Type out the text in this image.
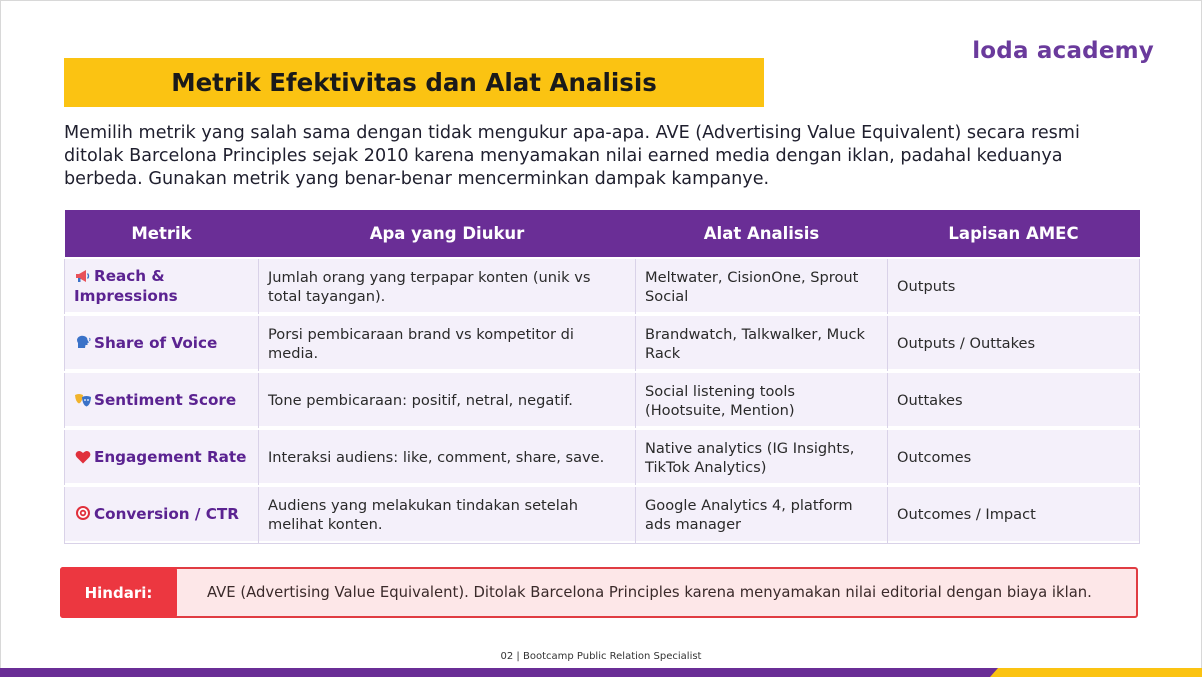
loda academy
Metrik Efektivitas dan Alat Analisis

Memilih metrik yang salah sama dengan tidak mengukur apa-apa. AVE (Advertising Value Equivalent) secara resmi ditolak Barcelona Principles sejak 2010 karena menyamakan nilai earned media dengan iklan, padahal keduanya berbeda. Gunakan metrik yang benar-benar mencerminkan dampak kampanye.

Metrik	Apa yang Diukur	Alat Analisis	Lapisan AMEC
Reach & Impressions	Jumlah orang yang terpapar konten (unik vs total tayangan).	Meltwater, CisionOne, Sprout Social	Outputs
Share of Voice	Porsi pembicaraan brand vs kompetitor di media.	Brandwatch, Talkwalker, Muck Rack	Outputs / Outtakes
Sentiment Score	Tone pembicaraan: positif, netral, negatif.	Social listening tools (Hootsuite, Mention)	Outtakes
Engagement Rate	Interaksi audiens: like, comment, share, save.	Native analytics (IG Insights, TikTok Analytics)	Outcomes
Conversion / CTR	Audiens yang melakukan tindakan setelah melihat konten.	Google Analytics 4, platform ads manager	Outcomes / Impact
Hindari:	AVE (Advertising Value Equivalent). Ditolak Barcelona Principles karena menyamakan nilai editorial dengan biaya iklan.
02 | Bootcamp Public Relation Specialist
